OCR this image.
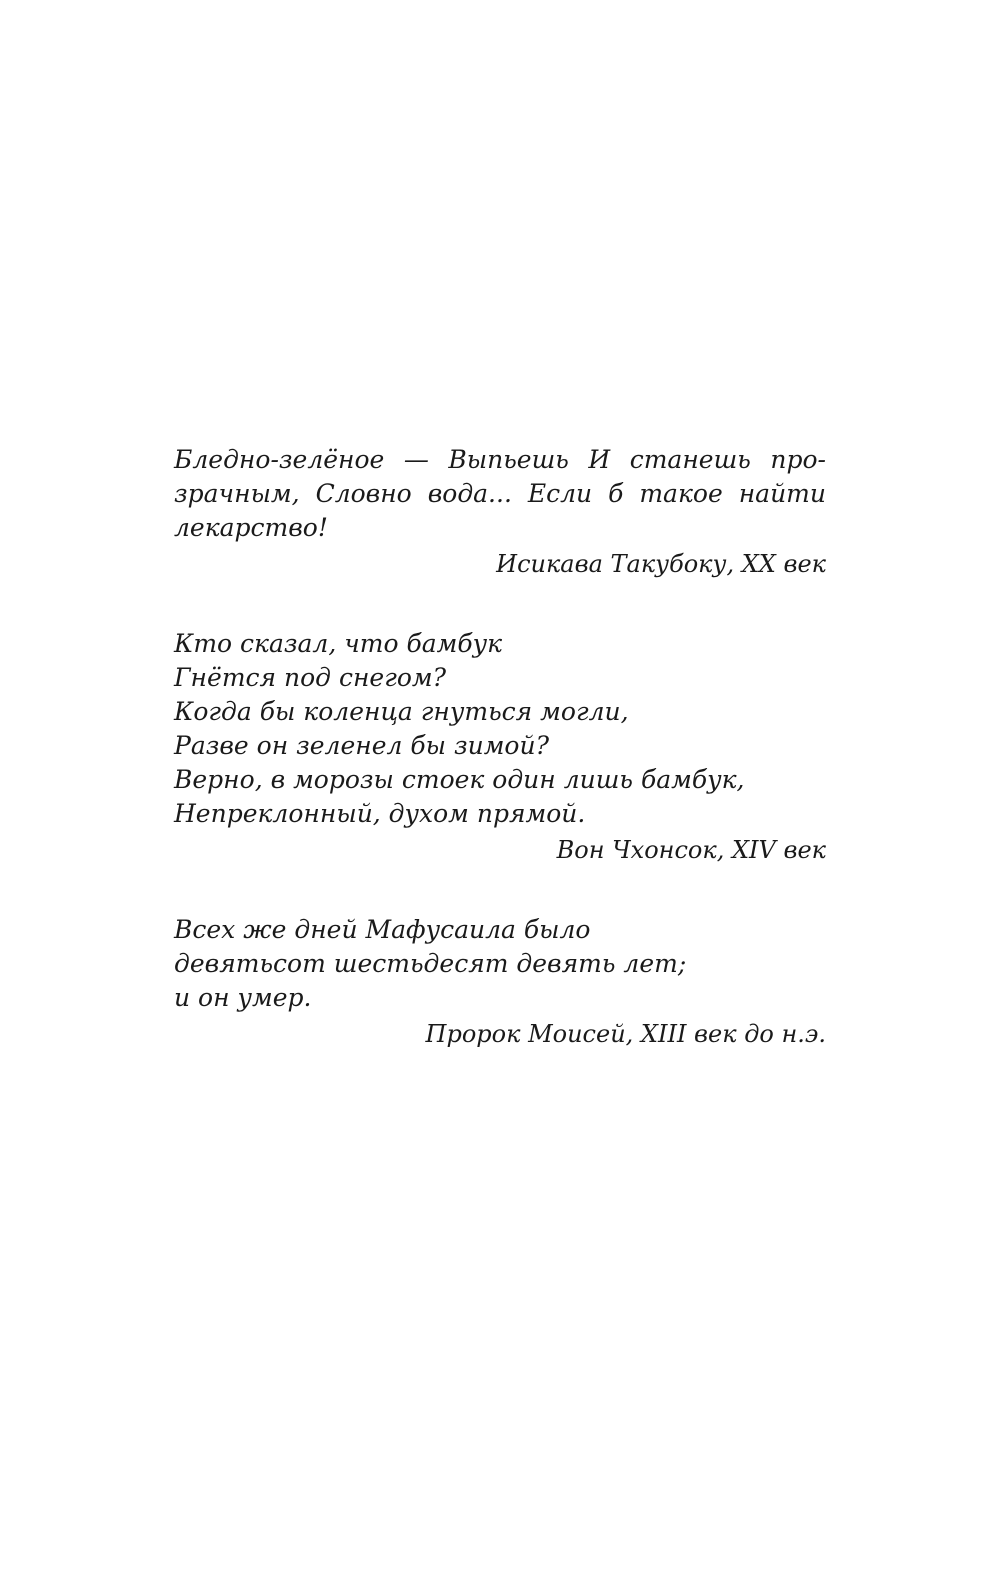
Бледно-зелёное — Выпьешь И станешь прозрачным, Словно вода... Если б такое найти лекарство!
Исикава Такубоку, XX век
Кто сказал, что бамбук
Гнётся под снегом?
Когда бы коленца гнуться могли,
Разве он зеленел бы зимой?
Верно, в морозы стоек один лишь бамбук,
Непреклонный, духом прямой.
Вон Чхонсок, XIV век
Всех же дней Мафусаила было
девятьсот шестьдесят девять лет;
и он умер.
Пророк Моисей, XIII век до н.э.
